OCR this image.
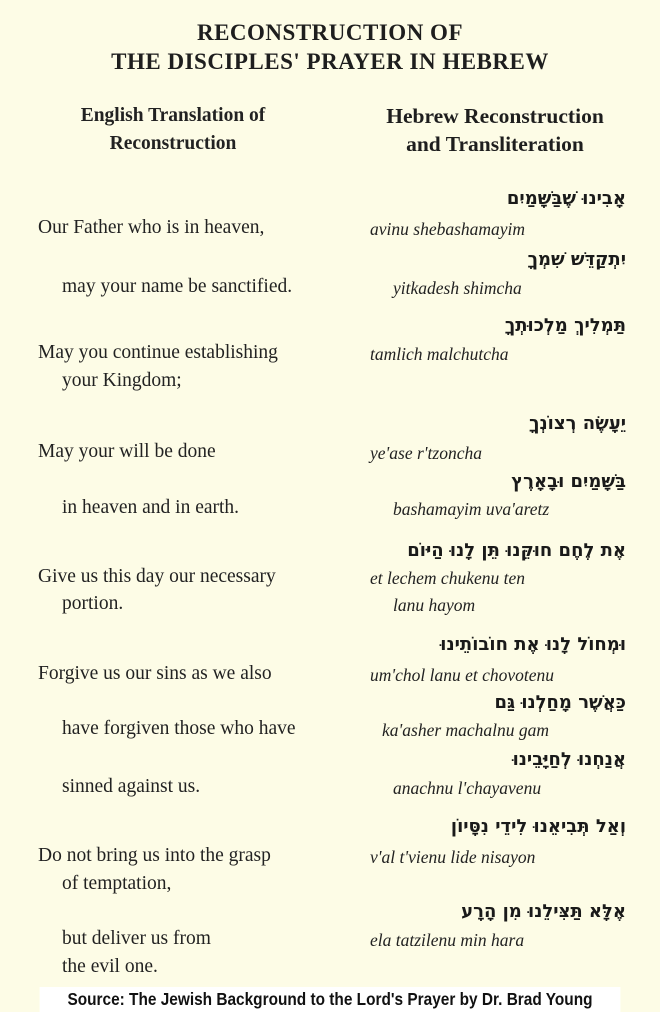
RECONSTRUCTION OF
THE DISCIPLES' PRAYER IN HEBREW
English Translation of
Reconstruction
Hebrew Reconstruction
and Transliteration
אָבִינוּ שֶׁבַּשָּׁמַיִם
avinu shebashamayim
Our Father who is in heaven,
יִתְקַדֵּשׁ שִׁמְךָ
yitkadesh shimcha
may your name be sanctified.
תַּמְלִיךְ מַלְכוּתְךָ
tamlich malchutcha
May you continue establishing
your Kingdom;
יֵעָשֶׂה רְצוֹנְךָ
ye'ase r'tzoncha
May your will be done
בַּשָּׁמַיִם וּבָאָרֶץ
bashamayim uva'aretz
in heaven and in earth.
אֶת לֶחֶם חוּקֵּנוּ תֵּן לָנוּ הַיּוֹם
et lechem chukenu ten
lanu hayom
Give us this day our necessary
portion.
וּמְחוֹל לָנוּ אֶת חוֹבוֹתֵינוּ
um'chol lanu et chovotenu
Forgive us our sins as we also
כַּאֲשֶׁר מָחַלְנוּ גַּם
ka'asher machalnu gam
have forgiven those who have
אֲנַחְנוּ לְחַיָּבֵינוּ
anachnu l'chayavenu
sinned against us.
וְאַל תְּבִיאֵנוּ לִידֵי נִסָּיוֹן
v'al t'vienu lide nisayon
Do not bring us into the grasp
of temptation,
אֶלָּא תַּצִּילֵנוּ מִן הָרָע
ela tatzilenu min hara
but deliver us from
the evil one.
Source: The Jewish Background to the Lord's Prayer by Dr. Brad Young
